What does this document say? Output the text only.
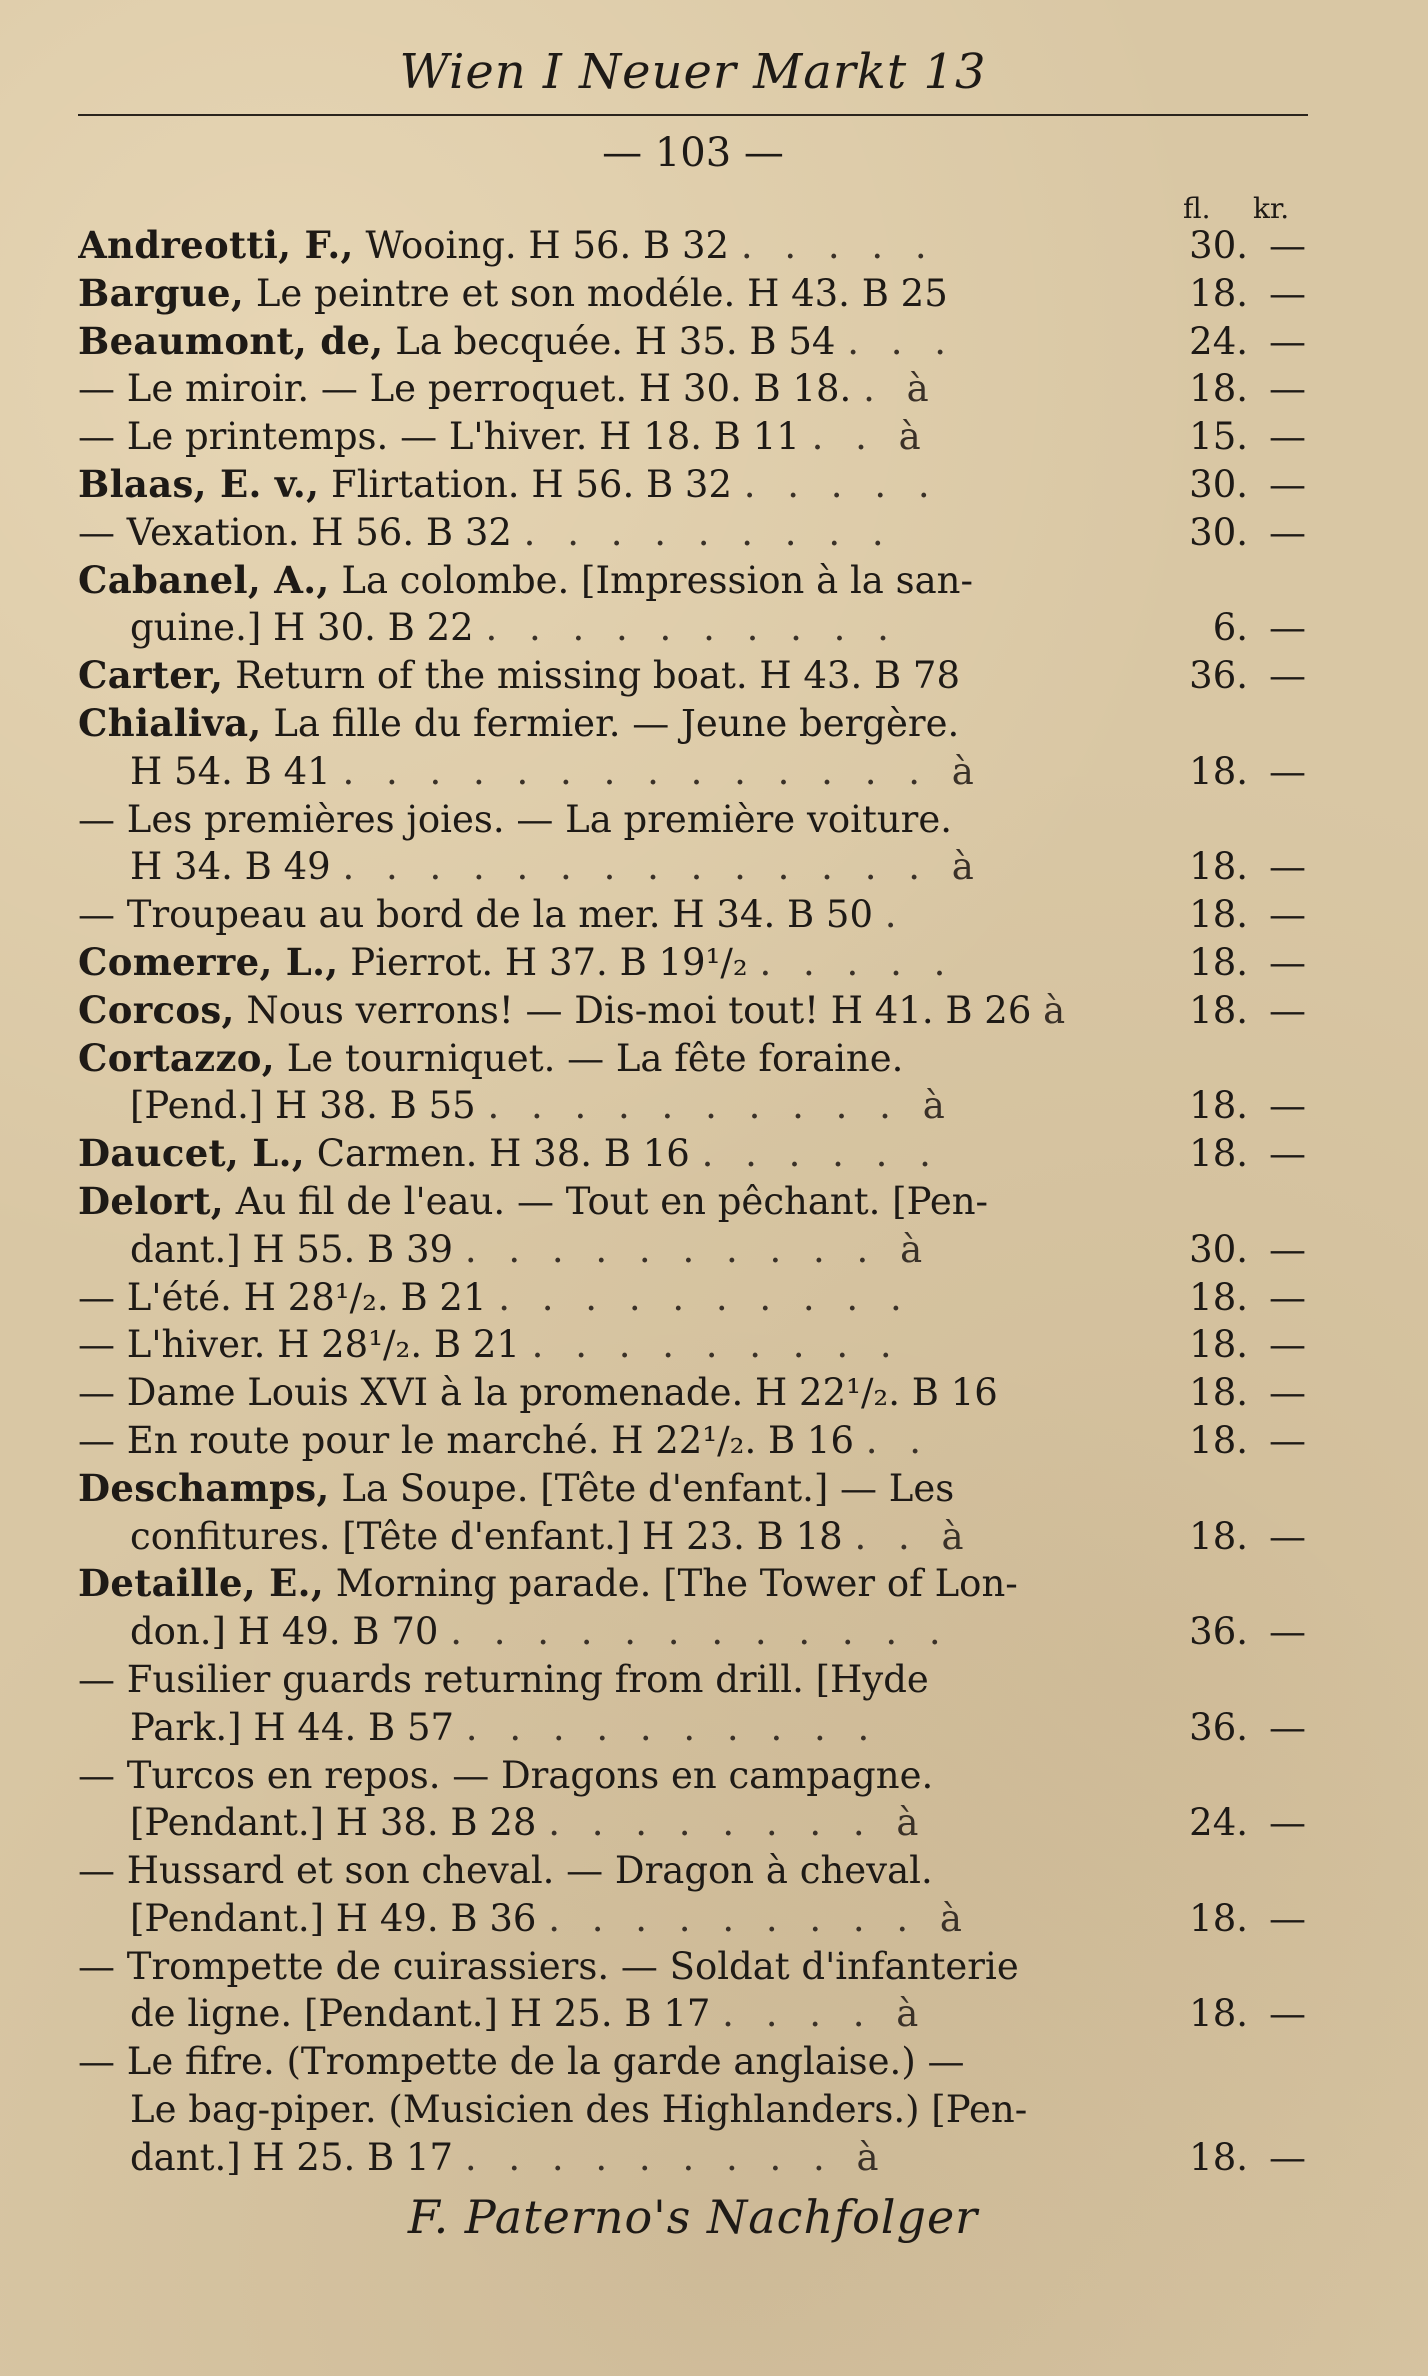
Wien I Neuer Markt 13
— 103 —
fl. kr.
Andreotti, F., Wooing. H 56. B 32 . . . . .	30. —
Bargue, Le peintre et son modéle. H 43. B 25	18. —
Beaumont, de, La becquée. H 35. B 54 . . .	24. —
— Le miroir. — Le perroquet. H 30. B 18. . à	18. —
— Le printemps. — L'hiver. H 18. B 11 . . à	15. —
Blaas, E. v., Flirtation. H 56. B 32 . . . . .	30. —
— Vexation. H 56. B 32 . . . . . . . . .	30. —
Cabanel, A., La colombe. [Impression à la san-
guine.] H 30. B 22 . . . . . . . . . .	6. —
Carter, Return of the missing boat. H 43. B 78	36. —
Chialiva, La fille du fermier. — Jeune bergère.
H 54. B 41 . . . . . . . . . . . . . . à	18. —
— Les premières joies. — La première voiture.
H 34. B 49 . . . . . . . . . . . . . . à	18. —
— Troupeau au bord de la mer. H 34. B 50 .	18. —
Comerre, L., Pierrot. H 37. B 19¹/₂ . . . . .	18. —
Corcos, Nous verrons! — Dis-moi tout! H 41. B 26 à	18. —
Cortazzo, Le tourniquet. — La fête foraine.
[Pend.] H 38. B 55 . . . . . . . . . . à	18. —
Daucet, L., Carmen. H 38. B 16 . . . . . .	18. —
Delort, Au fil de l'eau. — Tout en pêchant. [Pen-
dant.] H 55. B 39 . . . . . . . . . . à	30. —
— L'été. H 28¹/₂. B 21 . . . . . . . . . .	18. —
— L'hiver. H 28¹/₂. B 21 . . . . . . . . .	18. —
— Dame Louis XVI à la promenade. H 22¹/₂. B 16	18. —
— En route pour le marché. H 22¹/₂. B 16 . .	18. —
Deschamps, La Soupe. [Tête d'enfant.] — Les
confitures. [Tête d'enfant.] H 23. B 18 . . à	18. —
Detaille, E., Morning parade. [The Tower of Lon-
don.] H 49. B 70 . . . . . . . . . . . .	36. —
— Fusilier guards returning from drill. [Hyde
Park.] H 44. B 57 . . . . . . . . . .	36. —
— Turcos en repos. — Dragons en campagne.
[Pendant.] H 38. B 28 . . . . . . . . à	24. —
— Hussard et son cheval. — Dragon à cheval.
[Pendant.] H 49. B 36 . . . . . . . . . à	18. —
— Trompette de cuirassiers. — Soldat d'infanterie
de ligne. [Pendant.] H 25. B 17 . . . . à	18. —
— Le fifre. (Trompette de la garde anglaise.) —
Le bag-piper. (Musicien des Highlanders.) [Pen-
dant.] H 25. B 17 . . . . . . . . . à	18. —
F. Paterno's Nachfolger
